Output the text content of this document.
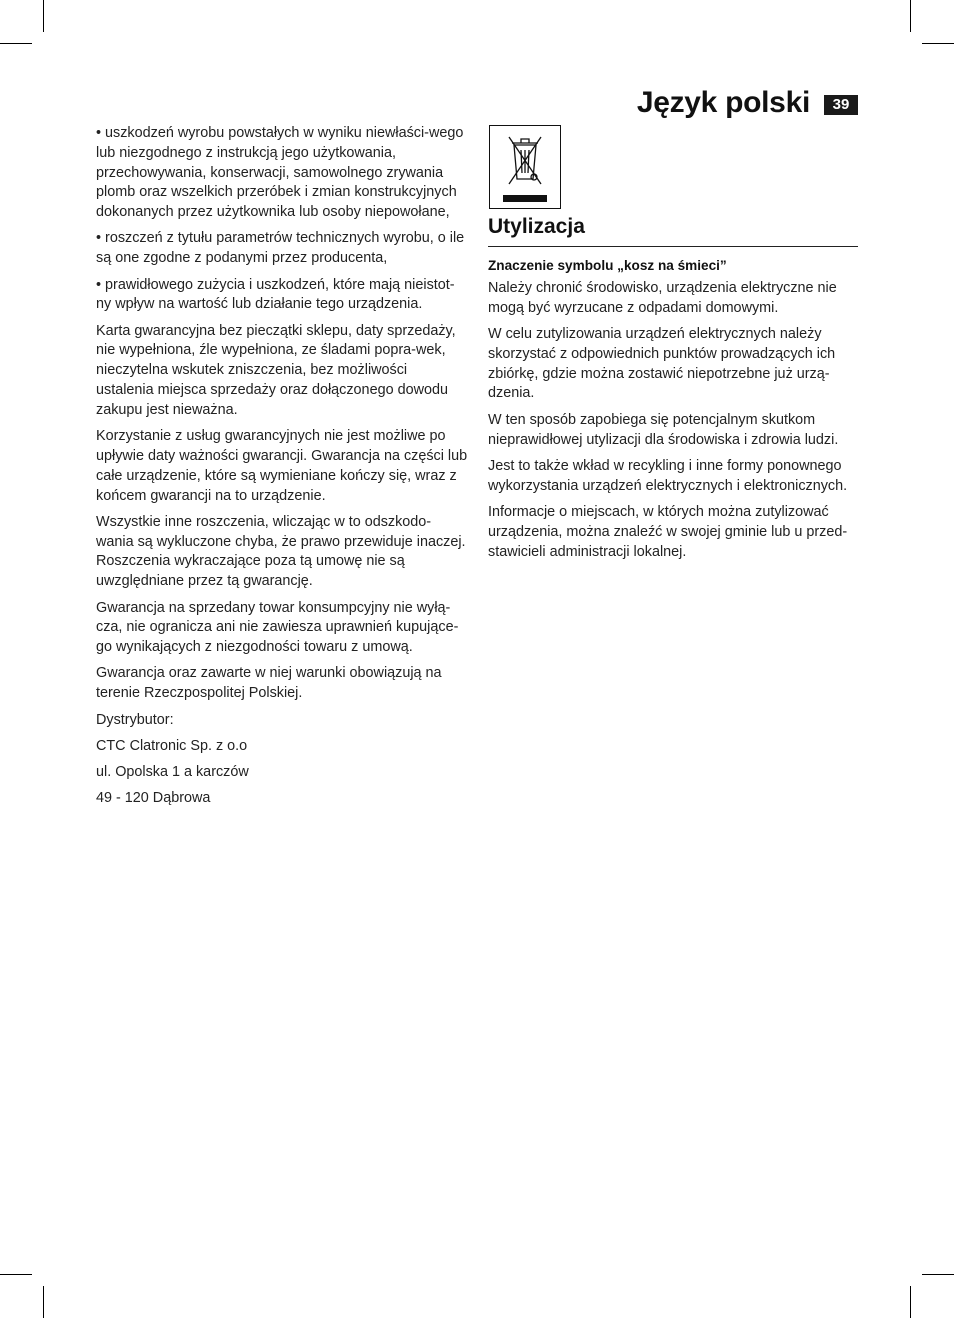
Język polski	39

• uszkodzeń wyrobu powstałych w wyniku niewłaści-wego lub niezgodnego z instrukcją jego użytkowania, przechowywania, konserwacji, samowolnego zrywania plomb oraz wszelkich przeróbek i zmian konstrukcyjnych dokonanych przez użytkownika lub osoby niepowołane,

• roszczeń z tytułu parametrów technicznych wyrobu, o ile są one zgodne z podanymi przez producenta,

• prawidłowego zużycia i uszkodzeń, które mają nieistot-ny wpływ na wartość lub działanie tego urządzenia.

Karta gwarancyjna bez pieczątki sklepu, daty sprzedaży, nie wypełniona, źle wypełniona, ze śladami popra-wek, nieczytelna wskutek zniszczenia, bez możliwości ustalenia miejsca sprzedaży oraz dołączonego dowodu zakupu jest nieważna.

Korzystanie z usług gwarancyjnych nie jest możliwe po upływie daty ważności gwarancji. Gwarancja na części lub całe urządzenie, które są wymieniane kończy się, wraz z końcem gwarancji na to urządzenie.

Wszystkie inne roszczenia, wliczając w to odszkodo-wania są wykluczone chyba, że prawo przewiduje inaczej. Roszczenia wykraczające poza tą umowę nie są uwzględniane przez tą gwarancję.

Gwarancja na sprzedany towar konsumpcyjny nie wyłą-cza, nie ogranicza ani nie zawiesza uprawnień kupujące-go wynikających z niezgodności towaru z umową.

Gwarancja oraz zawarte w niej warunki obowiązują na terenie Rzeczpospolitej Polskiej.

Dystrybutor:

CTC Clatronic Sp. z o.o

ul. Opolska 1 a karczów

49 - 120 Dąbrowa

Utylizacja
Znaczenie symbolu „kosz na śmieci”

Należy chronić środowisko, urządzenia elektryczne nie mogą być wyrzucane z odpadami domowymi.

W celu zutylizowania urządzeń elektrycznych należy skorzystać z odpowiednich punktów prowadzących ich zbiórkę, gdzie można zostawić niepotrzebne już urzą-dzenia.

W ten sposób zapobiega się potencjalnym skutkom nieprawidłowej utylizacji dla środowiska i zdrowia ludzi.

Jest to także wkład w recykling i inne formy ponownego wykorzystania urządzeń elektrycznych i elektronicznych.

Informacje o miejscach, w których można zutylizować urządzenia, można znaleźć w swojej gminie lub u przed-stawicieli administracji lokalnej.
